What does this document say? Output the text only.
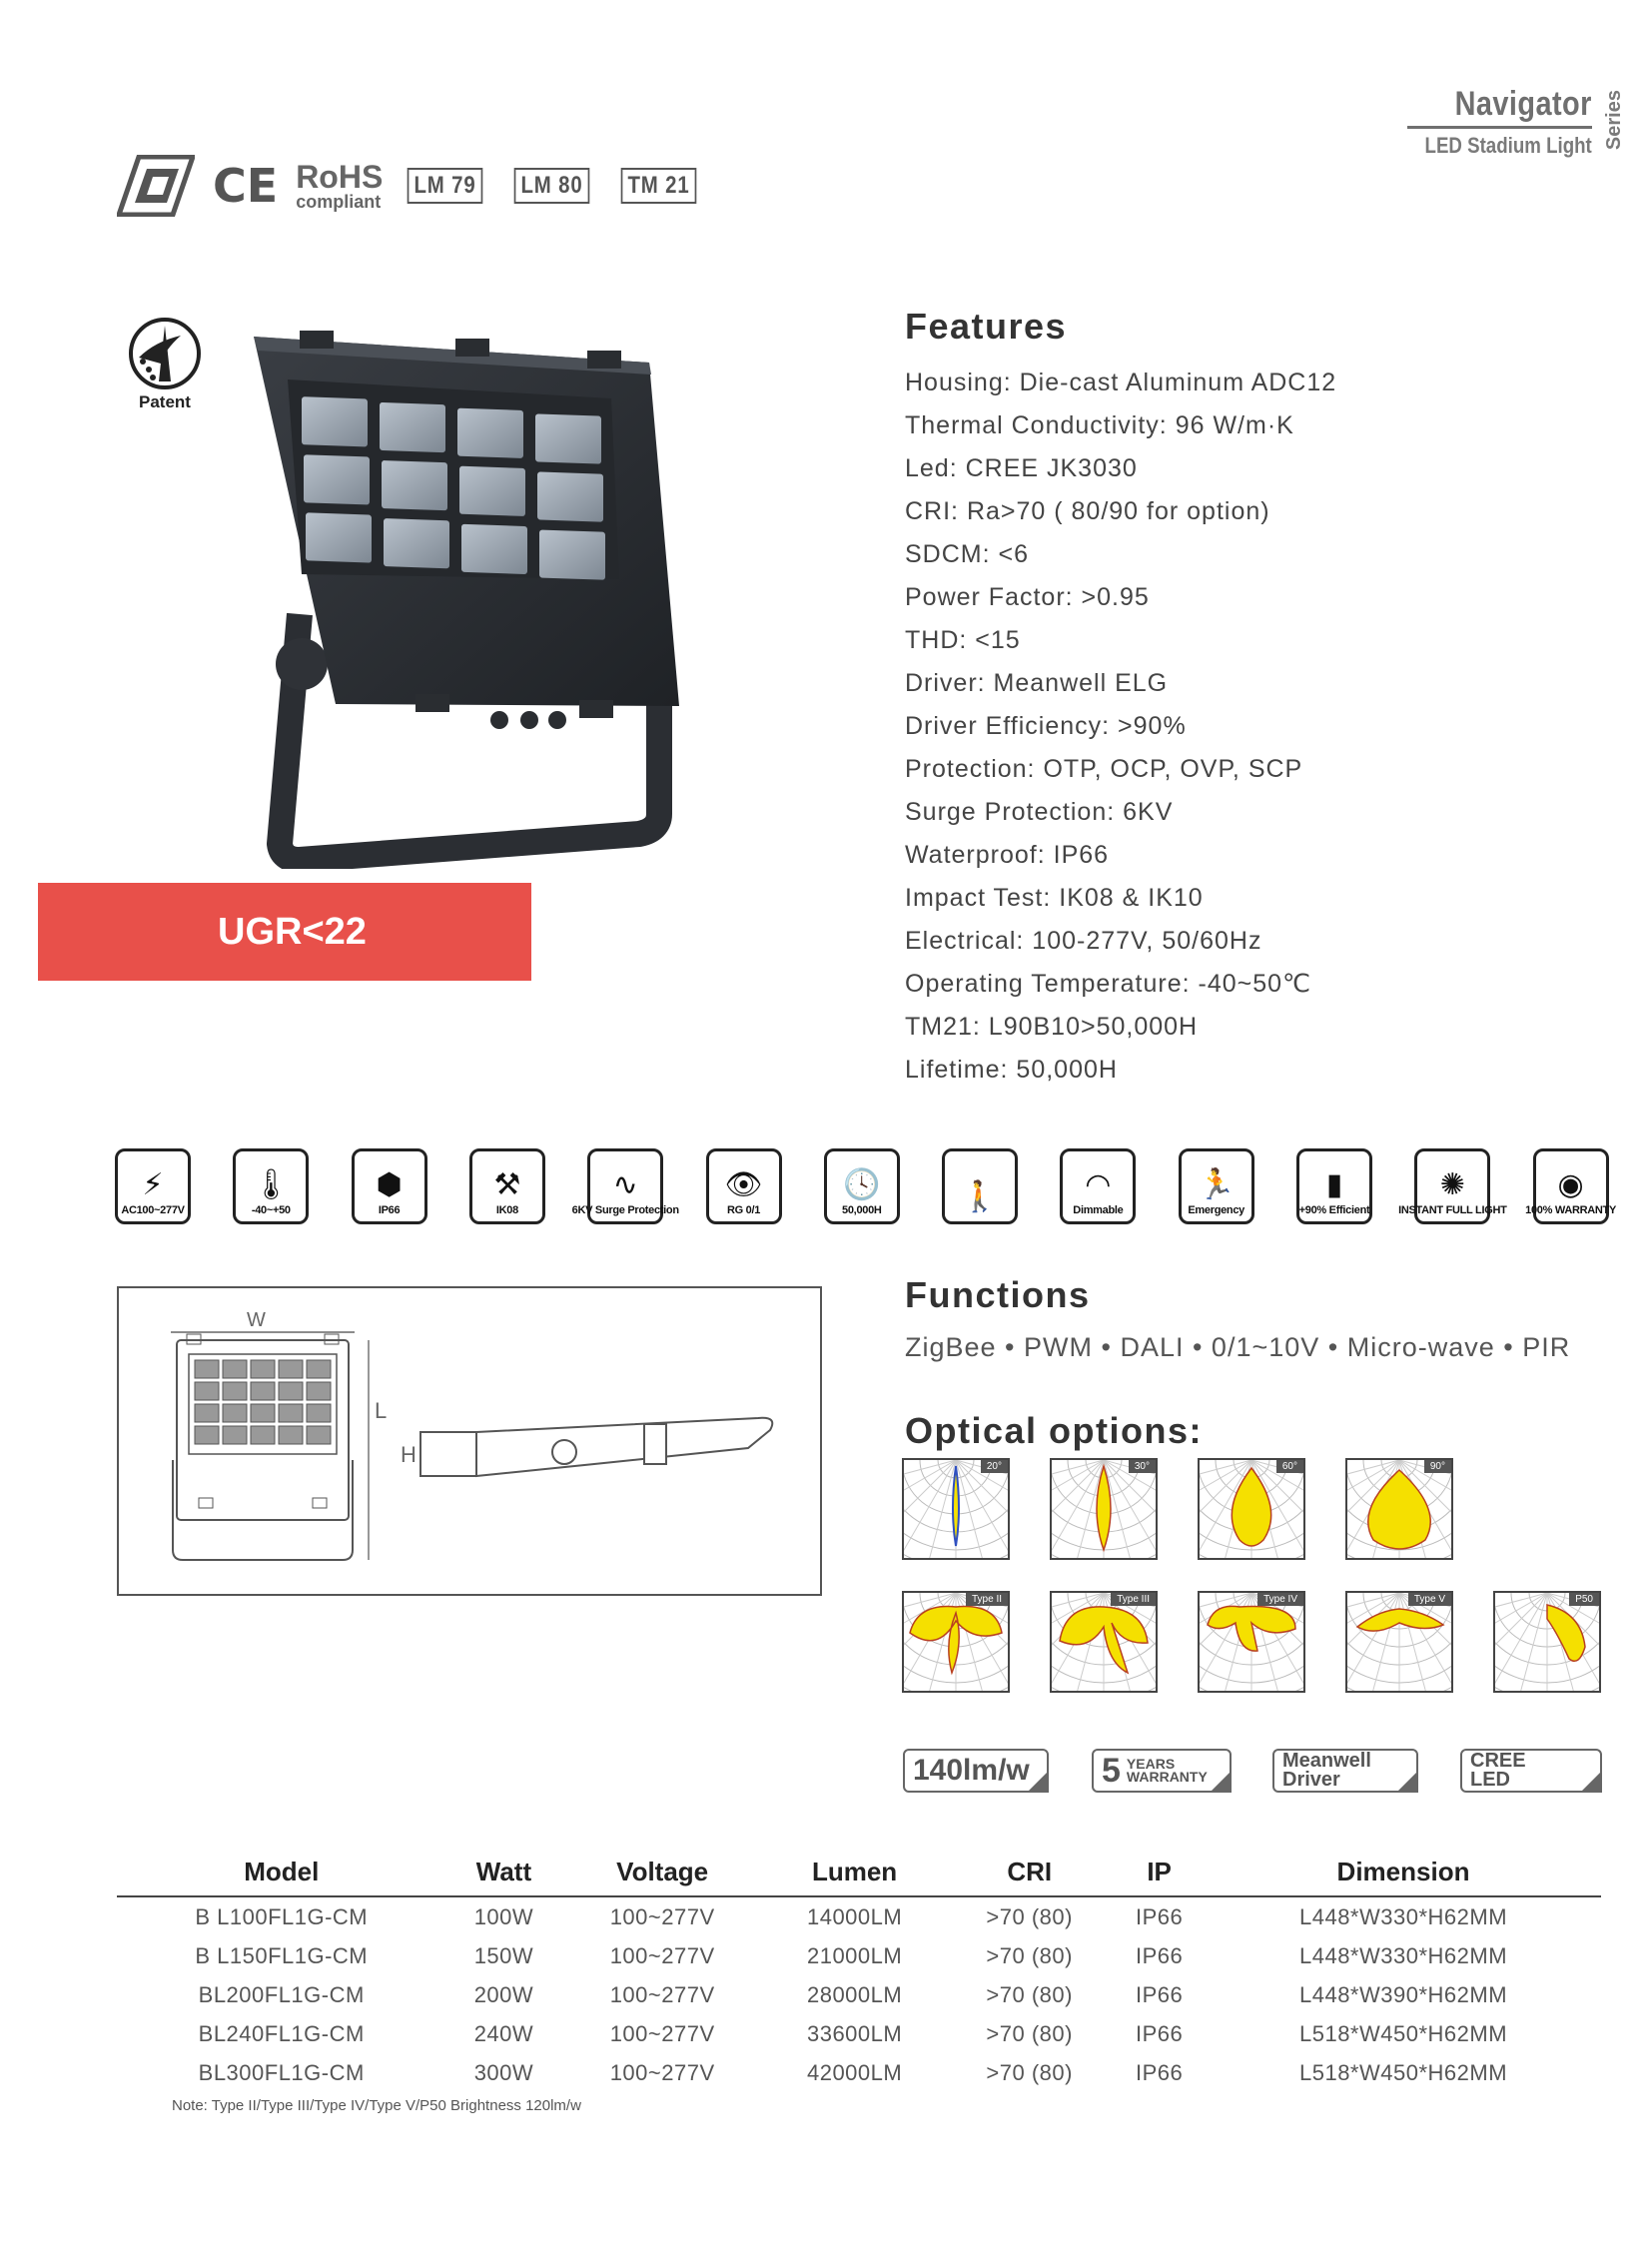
Navigator
LED Stadium Light Series
CE RoHS
compliant
LM 79 LM 80 TM 21
Patent
UGR<22
Features
Housing: Die-cast Aluminum ADC12
Thermal Conductivity: 96 W/m·K
Led: CREE JK3030
CRI: Ra>70 ( 80/90 for option)
SDCM: <6
Power Factor: >0.95
THD: <15
Driver: Meanwell ELG
Driver Efficiency: >90%
Protection: OTP, OCP, OVP, SCP
Surge Protection: 6KV
Waterproof: IP66
Impact Test: IK08 & IK10
Electrical: 100-277V, 50/60Hz
Operating Temperature: -40~50℃
TM21: L90B10>50,000H
Lifetime: 50,000H
⚡
AC100~277V
🌡
-40~+50
⬢
IP66
⚒
IK08
∿
6KV Surge Protection
👁
RG 0/1
🕓
50,000H	🚶	◠
Dimmable
🏃
Emergency
▮
+90% Efficient
✺
INSTANT FULL LIGHT
◉
100% WARRANTY
W
L
H
Functions
ZigBee • PWM • DALI • 0/1~10V • Micro-wave • PIR
Optical options:
20°	30°	60°	90°
Type II	Type III	Type IV	Type V	P50
140lm/w 5 YEARS WARRANTY
Meanwell
Driver
CREE
LED
Model	Watt	Voltage	Lumen	CRI	IP	Dimension
B L100FL1G-CM	100W	100~277V	14000LM	>70 (80)	IP66	L448*W330*H62MM
B L150FL1G-CM	150W	100~277V	21000LM	>70 (80)	IP66	L448*W330*H62MM
BL200FL1G-CM	200W	100~277V	28000LM	>70 (80)	IP66	L448*W390*H62MM
BL240FL1G-CM	240W	100~277V	33600LM	>70 (80)	IP66	L518*W450*H62MM
BL300FL1G-CM	300W	100~277V	42000LM	>70 (80)	IP66	L518*W450*H62MM
Note: Type II/Type III/Type IV/Type V/P50 Brightness 120lm/w
